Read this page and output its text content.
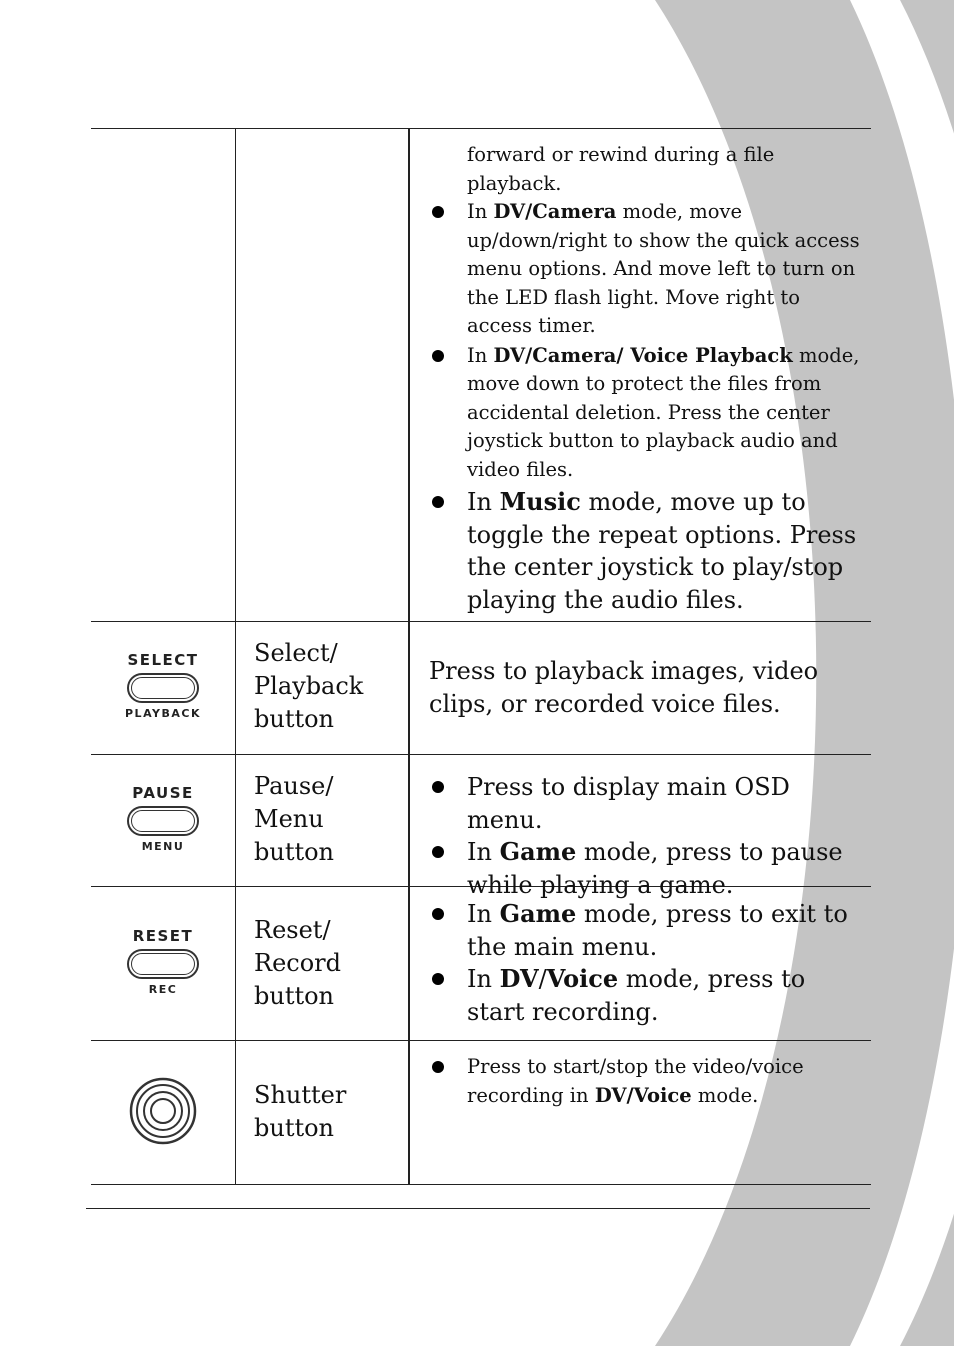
forward or rewind during a file playback.
In DV/Camera mode, move up/down/right to show the quick access menu options. And move left to turn on the LED flash light. Move right to access timer.
In DV/Camera/ Voice Playback mode, move down to protect the files from accidental deletion. Press the center joystick button to playback audio and video files.
In Music mode, move up to toggle the repeat options. Press the center joystick to play/stop playing the audio files.
SELECT
PLAYBACK
Select/ Playback button
Press to playback images, video clips, or recorded voice files.
PAUSE
MENU
Pause/ Menu button
Press to display main OSD menu.
In Game mode, press to pause while playing a game.
RESET
REC
Reset/ Record button
In Game mode, press to exit to the main menu.
In DV/Voice mode, press to start recording.
Shutter button
Press to start/stop the video/voice recording in DV/Voice mode.
